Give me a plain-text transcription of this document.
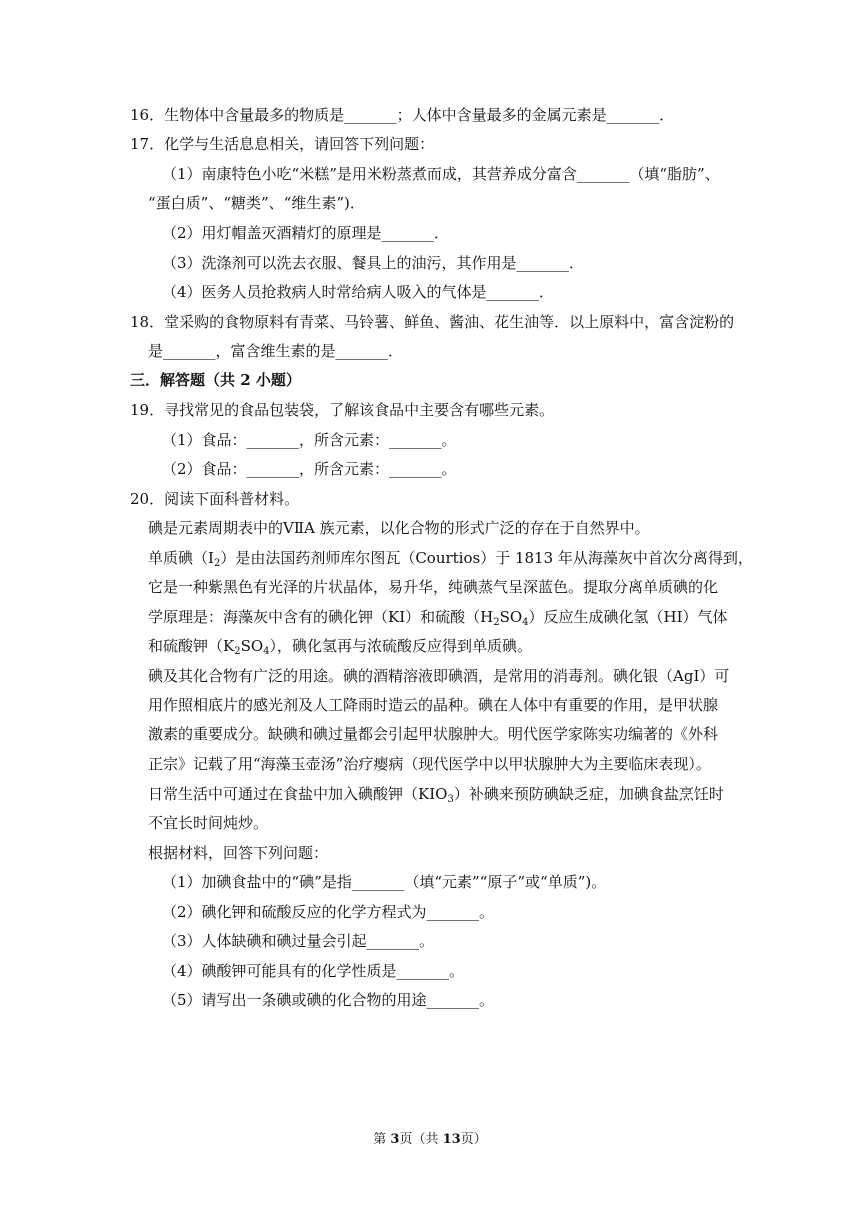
16．生物体中含量最多的物质是_______；人体中含量最多的金属元素是_______．
17．化学与生活息息相关，请回答下列问题：
（1）南康特色小吃“米糕”是用米粉蒸煮而成，其营养成分富含_______（填“脂肪”、
“蛋白质”、“糖类”、“维生素”)．
（2）用灯帽盖灭酒精灯的原理是_______．
（3）洗涤剂可以洗去衣服、餐具上的油污，其作用是_______．
（4）医务人员抢救病人时常给病人吸入的气体是_______．
18．堂采购的食物原料有青菜、马铃薯、鲜鱼、酱油、花生油等．以上原料中，富含淀粉的
是_______，富含维生素的是_______．
三．解答题（共 2 小题）
19．寻找常见的食品包装袋，了解该食品中主要含有哪些元素。
（1）食品：_______，所含元素：_______。
（2）食品：_______，所含元素：_______。
20．阅读下面科普材料。
碘是元素周期表中的ⅤⅡA 族元素，以化合物的形式广泛的存在于自然界中。
单质碘$(I_2)$是由法国药剂师库尔图瓦（Courtios）于 1813 年从海藻灰中首次分离得到，
它是一种紫黑色有光泽的片状晶体，易升华，纯碘蒸气呈深蓝色。提取分离单质碘的化
学原理是：海藻灰中含有的碘化钾（KI）和硫酸$(H_2SO_4)$反应生成碘化氢（HI）气体
和硫酸钾$(K_2SO_4)$，碘化氢再与浓硫酸反应得到单质碘。
碘及其化合物有广泛的用途。碘的酒精溶液即碘酒，是常用的消毒剂。碘化银（AgI）可
用作照相底片的感光剂及人工降雨时造云的晶种。碘在人体中有重要的作用，是甲状腺
激素的重要成分。缺碘和碘过量都会引起甲状腺肿大。明代医学家陈实功编著的《外科
正宗》记载了用“海藻玉壶汤”治疗瘿病（现代医学中以甲状腺肿大为主要临床表现）。
日常生活中可通过在食盐中加入碘酸钾$(KIO_3)$补碘来预防碘缺乏症，加碘食盐烹饪时
不宜长时间炖炒。
根据材料，回答下列问题：
（1）加碘食盐中的“碘”是指_______（填“元素”“原子”或“单质”)。
（2）碘化钾和硫酸反应的化学方程式为_______。
（3）人体缺碘和碘过量会引起_______。
（4）碘酸钾可能具有的化学性质是_______。
（5）请写出一条碘或碘的化合物的用途_______。
第 3页（共 13页）
